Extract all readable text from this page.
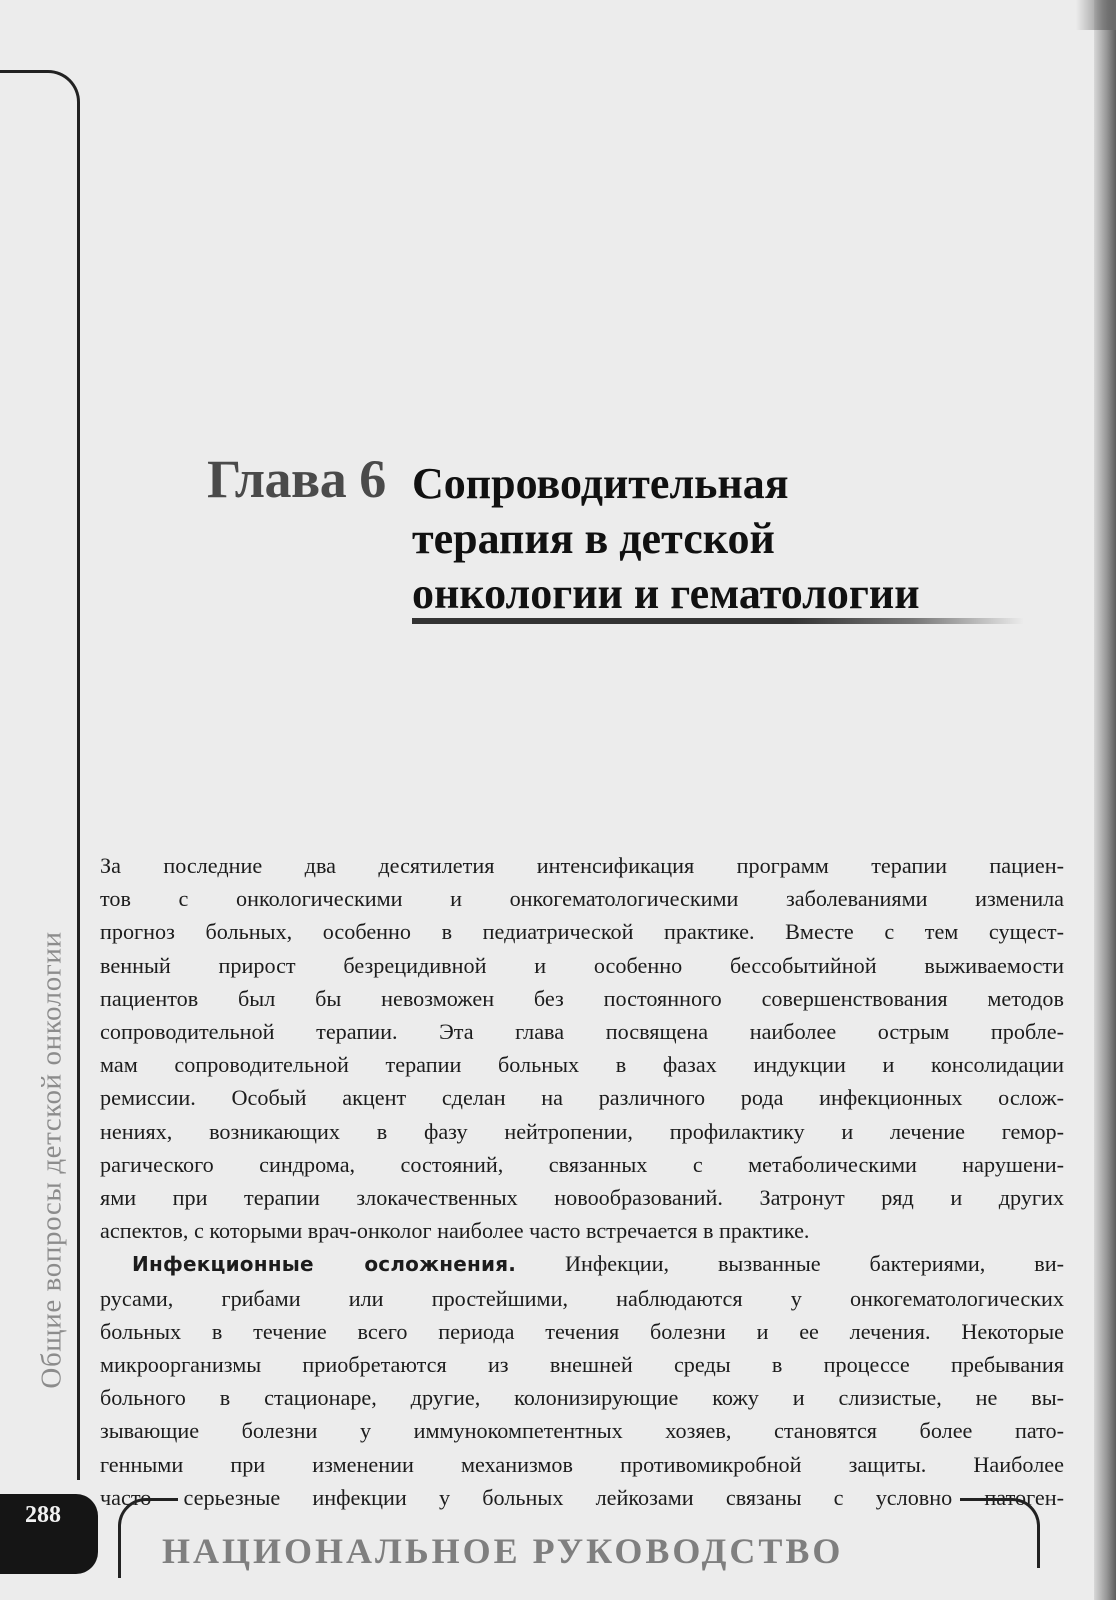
Общие вопросы детской онкологии
Глава 6 Сопроводительная
терапия в детской
онкологии и гематологии
За последние два десятилетия интенсификация программ терапии пациен-
тов с онкологическими и онкогематологическими заболеваниями изменила
прогноз больных, особенно в педиатрической практике. Вместе с тем сущест-
венный прирост безрецидивной и особенно бессобытийной выживаемости
пациентов был бы невозможен без постоянного совершенствования методов
сопроводительной терапии. Эта глава посвящена наиболее острым пробле-
мам сопроводительной терапии больных в фазах индукции и консолидации
ремиссии. Особый акцент сделан на различного рода инфекционных ослож-
нениях, возникающих в фазу нейтропении, профилактику и лечение гемор-
рагического синдрома, состояний, связанных с метаболическими нарушени-
ями при терапии злокачественных новообразований. Затронут ряд и других
аспектов, с которыми врач-онколог наиболее часто встречается в практике.
Инфекционные осложнения. Инфекции, вызванные бактериями, ви-
русами, грибами или простейшими, наблюдаются у онкогематологических
больных в течение всего периода течения болезни и ее лечения. Некоторые
микроорганизмы приобретаются из внешней среды в процессе пребывания
больного в стационаре, другие, колонизирующие кожу и слизистые, не вы-
зывающие болезни у иммунокомпетентных хозяев, становятся более пато-
генными при изменении механизмов противомикробной защиты. Наиболее
часто серьезные инфекции у больных лейкозами связаны с условно патоген-
288
НАЦИОНАЛЬНОЕ РУКОВОДСТВО
